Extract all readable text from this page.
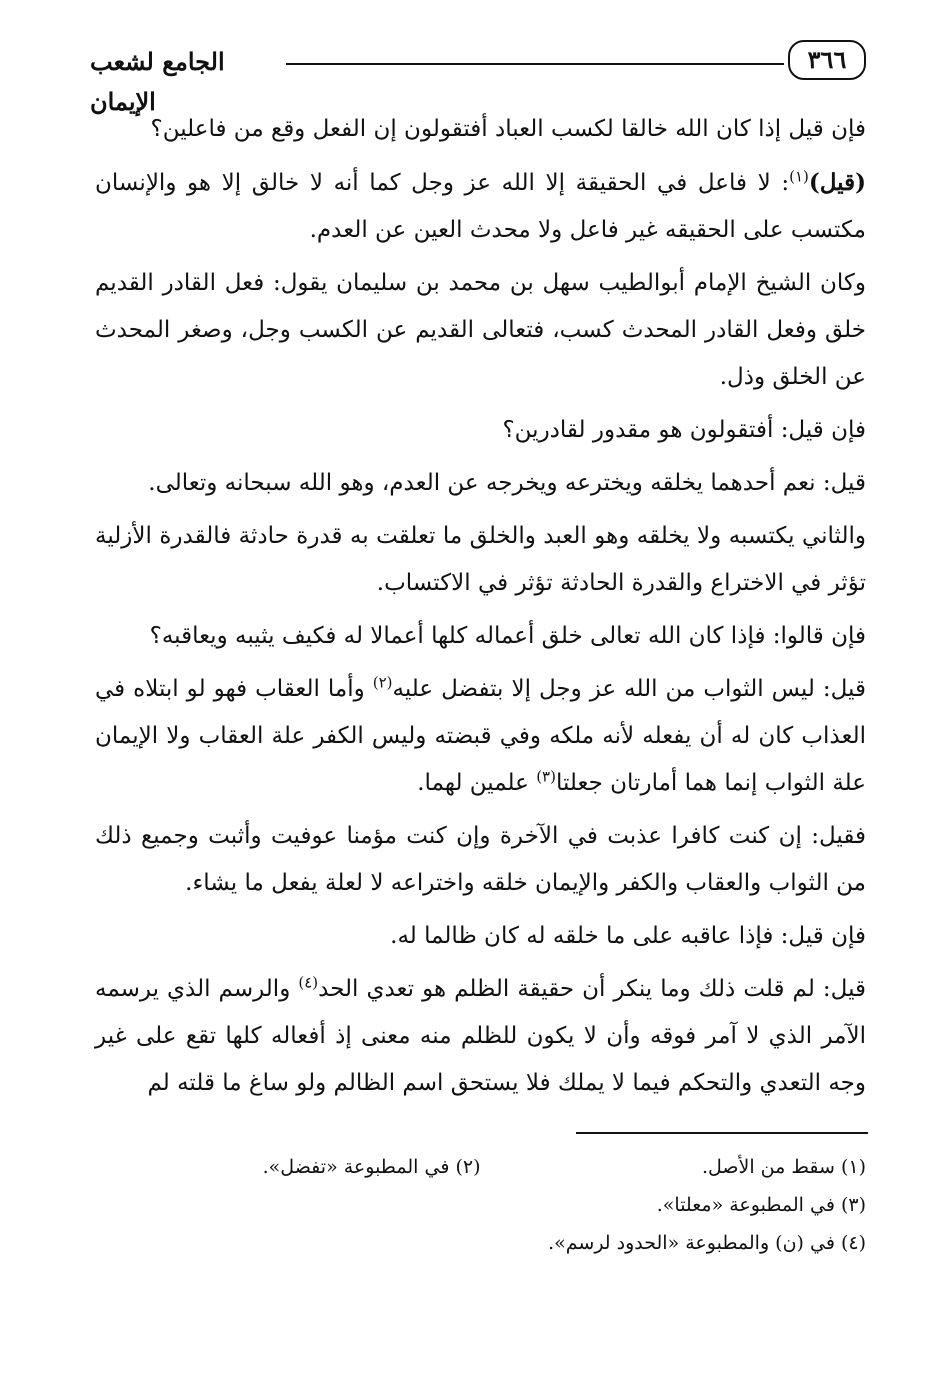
٣٦٦
الجامع لشعب الإيمان

فإن قيل إذا كان الله خالقا لكسب العباد أفتقولون إن الفعل وقع من فاعلين؟

(قيل)$^{(١)}$: لا فاعل في الحقيقة إلا الله عز وجل كما أنه لا خالق إلا هو والإنسان مكتسب على الحقيقه غير فاعل ولا محدث العين عن العدم.

وكان الشيخ الإمام أبوالطيب سهل بن محمد بن سليمان يقول: فعل القادر القديم خلق وفعل القادر المحدث كسب، فتعالى القديم عن الكسب وجل، وصغر المحدث عن الخلق وذل.

فإن قيل: أفتقولون هو مقدور لقادرين؟

قيل: نعم أحدهما يخلقه ويخترعه ويخرجه عن العدم، وهو الله سبحانه وتعالى.

والثاني يكتسبه ولا يخلقه وهو العبد والخلق ما تعلقت به قدرة حادثة فالقدرة الأزلية تؤثر في الاختراع والقدرة الحادثة تؤثر في الاكتساب.

فإن قالوا: فإذا كان الله تعالى خلق أعماله كلها أعمالا له فكيف يثيبه ويعاقبه؟

قيل: ليس الثواب من الله عز وجل إلا بتفضل عليه$^{(٢)}$ وأما العقاب فهو لو ابتلاه في العذاب كان له أن يفعله لأنه ملكه وفي قبضته وليس الكفر علة العقاب ولا الإيمان علة الثواب إنما هما أمارتان جعلتا$^{(٣)}$ علمين لهما.

فقيل: إن كنت كافرا عذبت في الآخرة وإن كنت مؤمنا عوفيت وأثبت وجميع ذلك من الثواب والعقاب والكفر والإيمان خلقه واختراعه لا لعلة يفعل ما يشاء.

فإن قيل: فإذا عاقبه على ما خلقه له كان ظالما له.

قيل: لم قلت ذلك وما ينكر أن حقيقة الظلم هو تعدي الحد$^{(٤)}$ والرسم الذي يرسمه الآمر الذي لا آمر فوقه وأن لا يكون للظلم منه معنى إذ أفعاله كلها تقع على غير وجه التعدي والتحكم فيما لا يملك فلا يستحق اسم الظالم ولو ساغ ما قلته لم

(١) سقط من الأصل.
(٢) في المطبوعة «تفضل».
(٣) في المطبوعة «معلتا».
(٤) في (ن) والمطبوعة «الحدود لرسم».
